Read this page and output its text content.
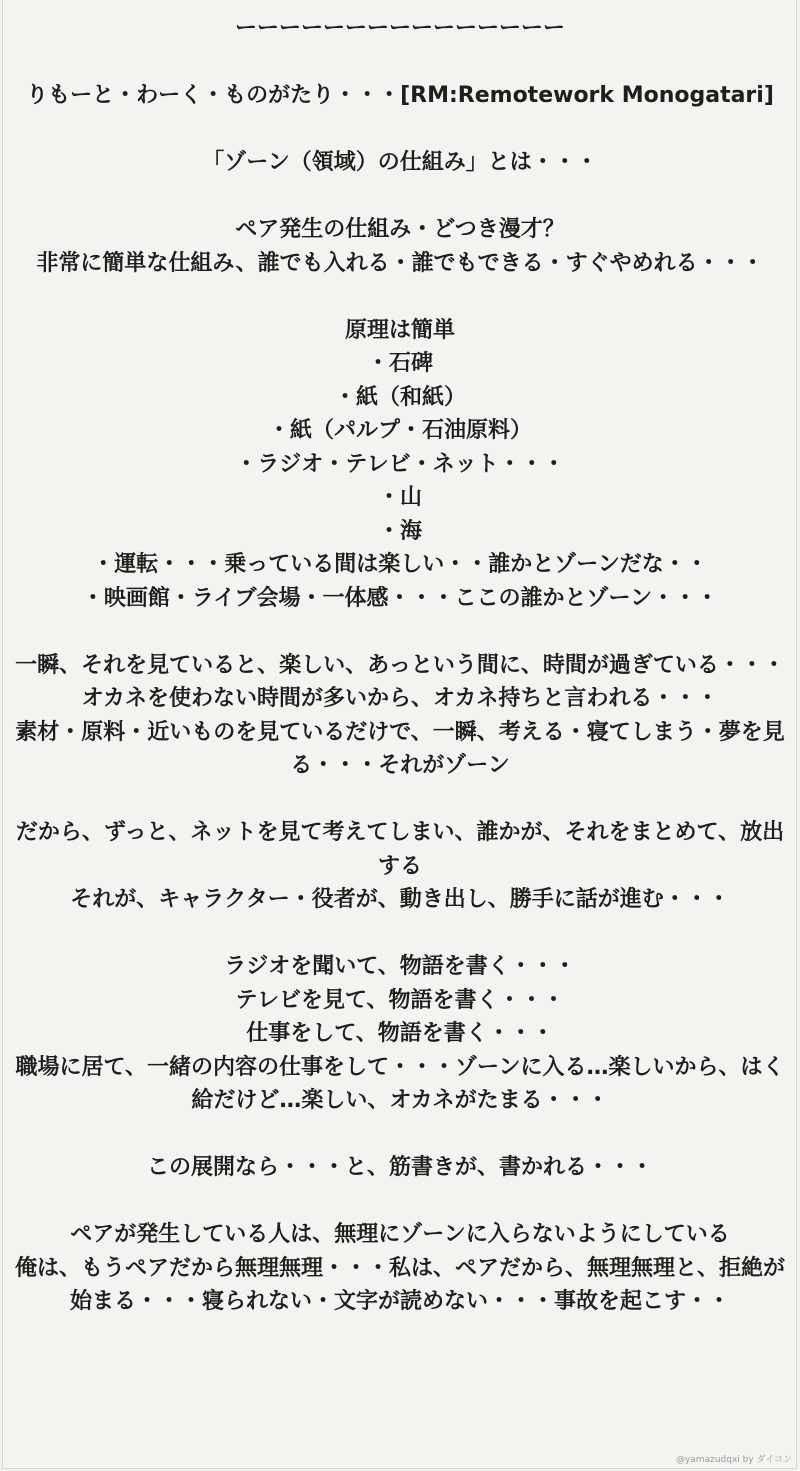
ーーーーーーーーーーーーーーー
りもーと・わーく・ものがたり・・・[RM:Remotework Monogatari]
「ゾーン（領域）の仕組み」とは・・・
ペア発生の仕組み・どつき漫才？
非常に簡単な仕組み、誰でも入れる・誰でもできる・すぐやめれる・・・
原理は簡単
・石碑
・紙（和紙）
・紙（パルプ・石油原料）
・ラジオ・テレビ・ネット・・・
・山
・海
・運転・・・乗っている間は楽しい・・誰かとゾーンだな・・
・映画館・ライブ会場・一体感・・・ここの誰かとゾーン・・・
一瞬、それを見ていると、楽しい、あっという間に、時間が過ぎている・・・
オカネを使わない時間が多いから、オカネ持ちと言われる・・・
素材・原料・近いものを見ているだけで、一瞬、考える・寝てしまう・夢を見る・・・それがゾーン
だから、ずっと、ネットを見て考えてしまい、誰かが、それをまとめて、放出する
それが、キャラクター・役者が、動き出し、勝手に話が進む・・・
ラジオを聞いて、物語を書く・・・
テレビを見て、物語を書く・・・
仕事をして、物語を書く・・・
職場に居て、一緒の内容の仕事をして・・・ゾーンに入る…楽しいから、はく給だけど…楽しい、オカネがたまる・・・
この展開なら・・・と、筋書きが、書かれる・・・
ペアが発生している人は、無理にゾーンに入らないようにしている
俺は、もうペアだから無理無理・・・私は、ペアだから、無理無理と、拒絶が始まる・・・寝られない・文字が読めない・・・事故を起こす・・
@yamazudqxi by ダイコン
